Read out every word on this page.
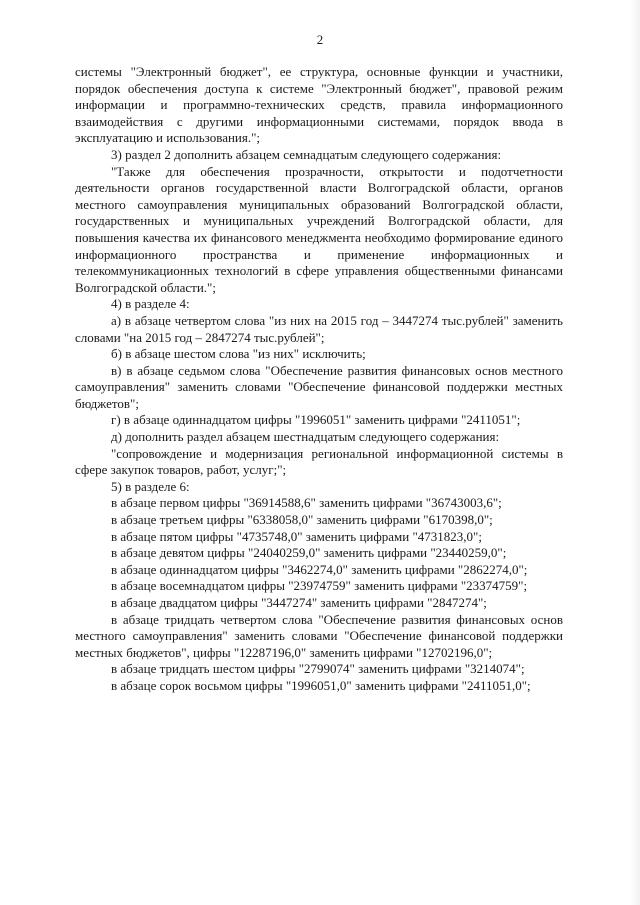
2

системы "Электронный бюджет", ее структура, основные функции и участники, порядок обеспечения доступа к системе "Электронный бюджет", правовой режим информации и программно-технических средств, правила информационного взаимодействия с другими информационными системами, порядок ввода в эксплуатацию и использования.";

3) раздел 2 дополнить абзацем семнадцатым следующего содержания:

"Также для обеспечения прозрачности, открытости и подотчетности деятельности органов государственной власти Волгоградской области, органов местного самоуправления муниципальных образований Волгоградской области, государственных и муниципальных учреждений Волгоградской области, для повышения качества их финансового менеджмента необходимо формирование единого информационного пространства и применение информационных и телекоммуникационных технологий в сфере управления общественными финансами Волгоградской области.";

4) в разделе 4:

а) в абзаце четвертом слова "из них на 2015 год – 3447274 тыс.рублей" заменить словами "на 2015 год – 2847274 тыс.рублей";

б) в абзаце шестом слова "из них" исключить;

в) в абзаце седьмом слова "Обеспечение развития финансовых основ местного самоуправления" заменить словами "Обеспечение финансовой поддержки местных бюджетов";

г) в абзаце одиннадцатом цифры "1996051" заменить цифрами "2411051";

д) дополнить раздел абзацем шестнадцатым следующего содержания:

"сопровождение и модернизация региональной информационной системы в сфере закупок товаров, работ, услуг;";

5) в разделе 6:

в абзаце первом цифры "36914588,6" заменить цифрами "36743003,6";

в абзаце третьем цифры "6338058,0" заменить цифрами "6170398,0";

в абзаце пятом цифры "4735748,0" заменить цифрами "4731823,0";

в абзаце девятом цифры "24040259,0" заменить цифрами "23440259,0";

в абзаце одиннадцатом цифры "3462274,0" заменить цифрами "2862274,0";

в абзаце восемнадцатом цифры "23974759" заменить цифрами "23374759";

в абзаце двадцатом цифры "3447274" заменить цифрами "2847274";

в абзаце тридцать четвертом слова "Обеспечение развития финансовых основ местного самоуправления" заменить словами "Обеспечение финансовой поддержки местных бюджетов", цифры "12287196,0" заменить цифрами "12702196,0";

в абзаце тридцать шестом цифры "2799074" заменить цифрами "3214074";

в абзаце сорок восьмом цифры "1996051,0" заменить цифрами "2411051,0";
